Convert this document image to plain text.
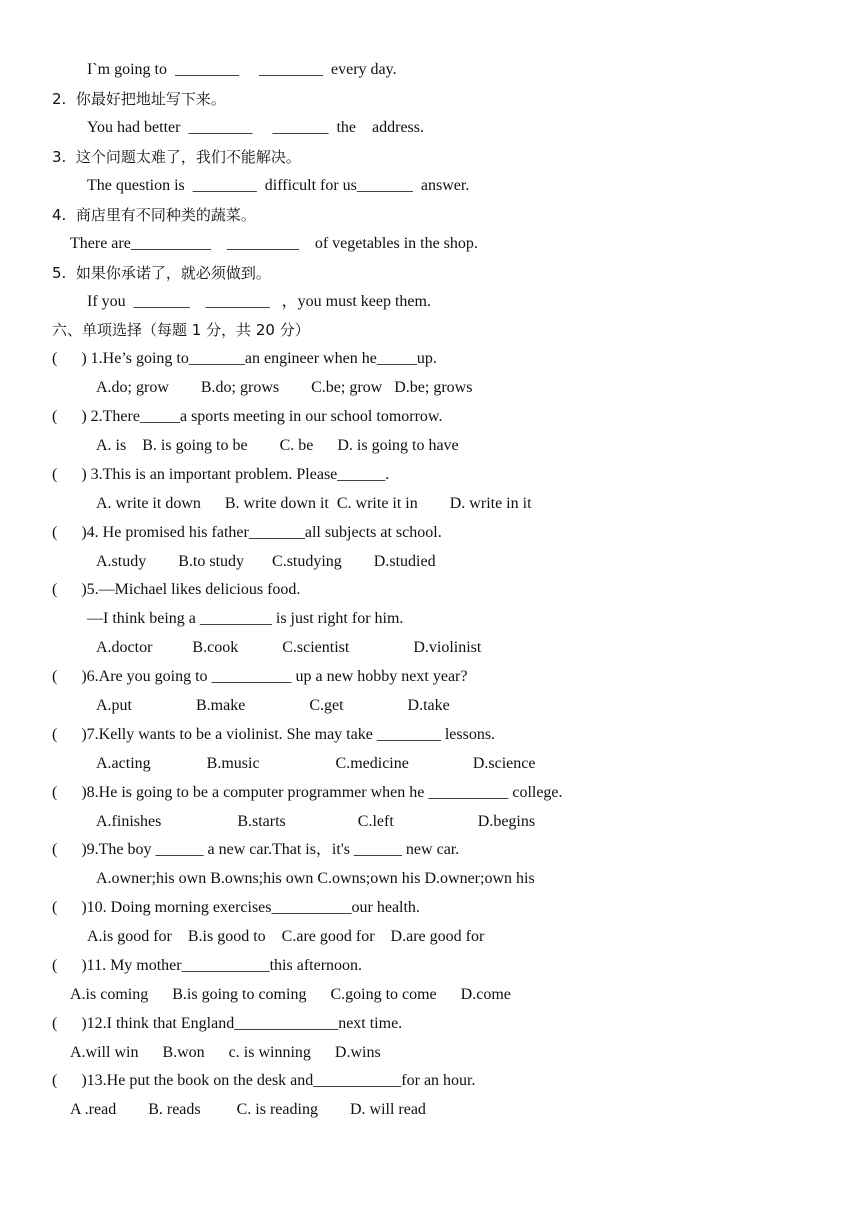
I`m going to  ________     ________  every day.
2.  你最好把地址写下来。
You had better  ________     _______  the    address.
3.  这个问题太难了，我们不能解决。
The question is  ________  difficult for us_______  answer.
4.  商店里有不同种类的蔬菜。
There are__________    _________    of vegetables in the shop.
5.  如果你承诺了，就必须做到。
If you  _______    ________   ，you must keep them.
六、单项选择（每题 1 分，共 20 分）
(      ) 1.He’s going to_______an engineer when he_____up.
A.do; grow        B.do; grows        C.be; grow   D.be; grows
(      ) 2.There_____a sports meeting in our school tomorrow.
A. is    B. is going to be        C. be      D. is going to have
(      ) 3.This is an important problem. Please______.
A. write it down      B. write down it  C. write it in        D. write in it
(      )4. He promised his father_______all subjects at school.
A.study        B.to study       C.studying        D.studied
(      )5.—Michael likes delicious food.
—I think being a _________ is just right for him.
A.doctor          B.cook           C.scientist                D.violinist
(      )6.Are you going to __________ up a new hobby next year?
A.put                B.make                C.get                D.take
(      )7.Kelly wants to be a violinist. She may take ________ lessons.
A.acting              B.music                   C.medicine                D.science
(      )8.He is going to be a computer programmer when he __________ college.
A.finishes                   B.starts                  C.left                     D.begins
(      )9.The boy ______ a new car.That is，it's ______ new car.
A.owner;his own B.owns;his own C.owns;own his D.owner;own his
(      )10. Doing morning exercises__________our health.
A.is good for    B.is good to    C.are good for    D.are good for
(      )11. My mother___________this afternoon.
A.is coming      B.is going to coming      C.going to come      D.come
(      )12.I think that England_____________next time.
A.will win      B.won      c. is winning      D.wins
(      )13.He put the book on the desk and___________for an hour.
A .read        B. reads         C. is reading        D. will read
